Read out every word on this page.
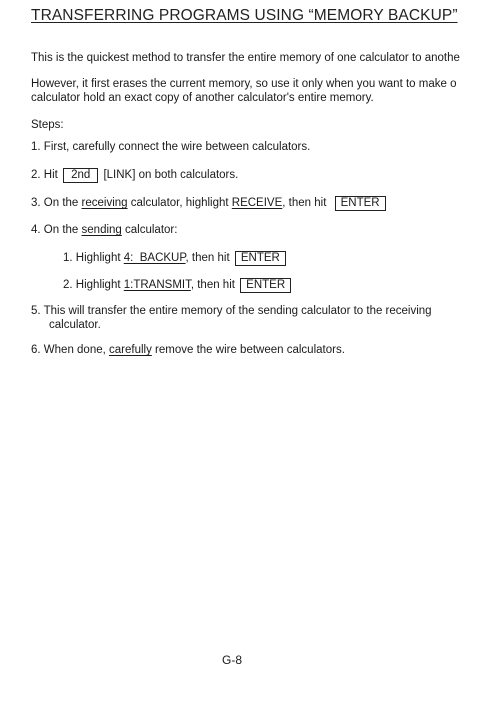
TRANSFERRING PROGRAMS USING “MEMORY BACKUP”
This is the quickest method to transfer the entire memory of one calculator to anothe
However, it first erases the current memory, so use it only when you want to make o
calculator hold an exact copy of another calculator's entire memory.
Steps:
1. First, carefully connect the wire between calculators.
2. Hit 2nd [LINK] on both calculators.
3. On the receiving calculator, highlight RECEIVE, then hit ENTER
4. On the sending calculator:
1. Highlight 4:  BACKUP, then hit ENTER
2. Highlight 1:TRANSMIT, then hit ENTER
5. This will transfer the entire memory of the sending calculator to the receiving
calculator.
6. When done, carefully remove the wire between calculators.
G-8
